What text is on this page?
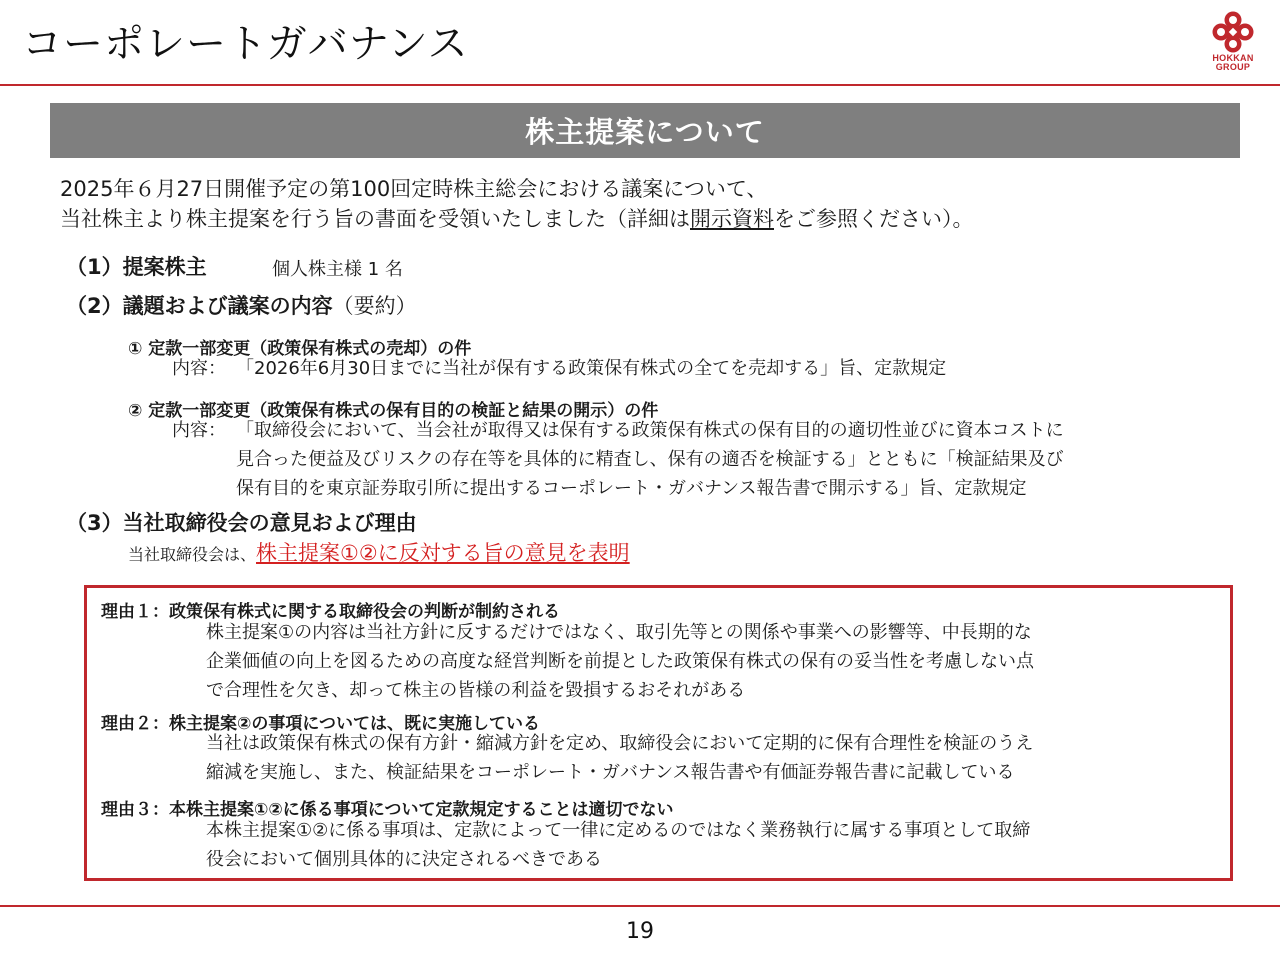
コーポレートガバナンス	HOKKAN
GROUP
株主提案について
2025年６月27日開催予定の第100回定時株主総会における議案について、
当社株主より株主提案を行う旨の書面を受領いたしました（詳細は開示資料をご参照ください）。
（1）提案株主	個人株主様 1 名
（2）議題および議案の内容（要約）
① 定款一部変更（政策保有株式の売却）の件
内容： 「2026年6月30日までに当社が保有する政策保有株式の全てを売却する」旨、定款規定
② 定款一部変更（政策保有株式の保有目的の検証と結果の開示）の件
内容： 「取締役会において、当会社が取得又は保有する政策保有株式の保有目的の適切性並びに資本コストに
見合った便益及びリスクの存在等を具体的に精査し、保有の適否を検証する」とともに「検証結果及び
保有目的を東京証券取引所に提出するコーポレート・ガバナンス報告書で開示する」旨、定款規定
（3）当社取締役会の意見および理由
当社取締役会は、株主提案①②に反対する旨の意見を表明
理由１：政策保有株式に関する取締役会の判断が制約される
株主提案①の内容は当社方針に反するだけではなく、取引先等との関係や事業への影響等、中長期的な
企業価値の向上を図るための高度な経営判断を前提とした政策保有株式の保有の妥当性を考慮しない点
で合理性を欠き、却って株主の皆様の利益を毀損するおそれがある
理由２：株主提案②の事項については、既に実施している
当社は政策保有株式の保有方針・縮減方針を定め、取締役会において定期的に保有合理性を検証のうえ
縮減を実施し、また、検証結果をコーポレート・ガバナンス報告書や有価証券報告書に記載している
理由３：本株主提案①②に係る事項について定款規定することは適切でない
本株主提案①②に係る事項は、定款によって一律に定めるのではなく業務執行に属する事項として取締
役会において個別具体的に決定されるべきである
19
